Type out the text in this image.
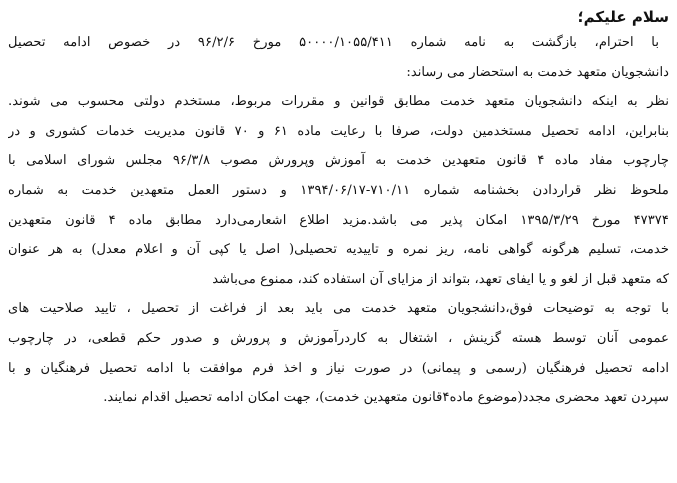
سلام علیکم؛
با احترام، بازگشت به نامه شماره ۵۰۰۰۰/۱۰۵۵/۴۱۱ مورخ ۹۶/۲/۶ در خصوص ادامه تحصیل
دانشجویان متعهد خدمت به استحضار می رساند:
نظر به اینکه دانشجویان متعهد خدمت مطابق قوانین و مقررات مربوط، مستخدم دولتی محسوب می شوند.
بنابراین، ادامه تحصیل مستخدمین دولت، صرفا با رعایت ماده ۶۱ و ۷۰ قانون مدیریت خدمات کشوری و در
چارچوب مفاد ماده ۴ قانون متعهدین خدمت به آموزش وپرورش مصوب ۹۶/۳/۸ مجلس شورای اسلامی با
ملحوظ نظر قراردادن بخشنامه شماره ۷۱۰/۱۱-۱۳۹۴/۰۶/۱۷ و دستور العمل متعهدین خدمت به شماره
۴۷۳۷۴ مورخ ۱۳۹۵/۳/۲۹ امکان پذیر می باشد.مزید اطلاع اشعارمی‌دارد مطابق ماده ۴ قانون متعهدین
خدمت، تسلیم هرگونه گواهی نامه، ریز نمره و تاییدیه تحصیلی( اصل یا کپی آن و اعلام معدل) به هر عنوان
که متعهد قبل از لغو و یا ایفای تعهد، بتواند از مزایای آن استفاده کند، ممنوع می‌باشد
با توجه به توضیحات فوق،دانشجویان متعهد خدمت می باید بعد از فراغت از تحصیل ، تایید صلاحیت های
عمومی آنان توسط هسته گزینش ، اشتغال به کاردرآموزش و پرورش و صدور حکم قطعی، در چارچوب
ادامه تحصیل فرهنگیان (رسمی و پیمانی) در صورت نیاز و اخذ فرم موافقت با ادامه تحصیل فرهنگیان و با
سپردن تعهد محضری مجدد(موضوع ماده۴قانون متعهدین خدمت)، جهت امکان ادامه تحصیل اقدام نمایند.
